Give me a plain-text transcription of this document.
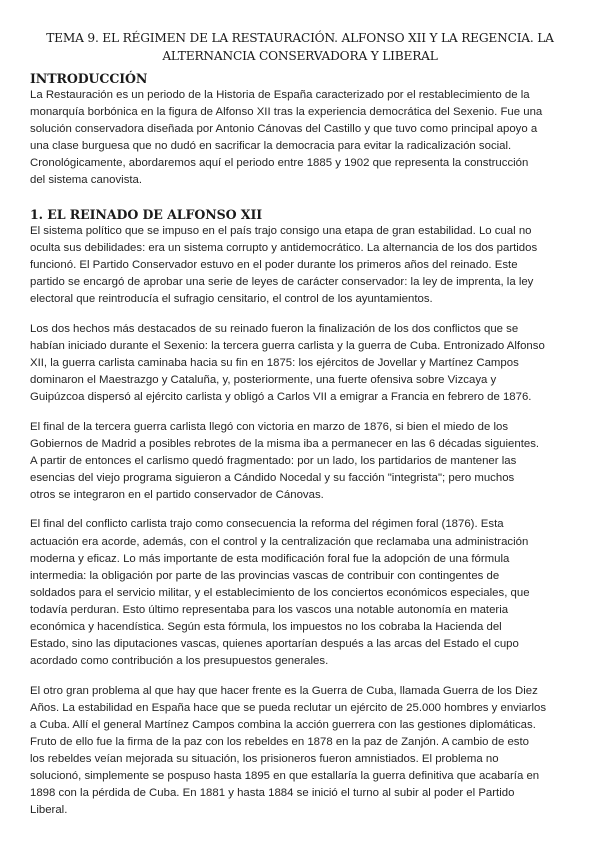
TEMA 9. EL RÉGIMEN DE LA RESTAURACIÓN. ALFONSO XII Y LA REGENCIA. LA
ALTERNANCIA CONSERVADORA Y LIBERAL
INTRODUCCIÓN

La Restauración es un periodo de la Historia de España caracterizado por el restablecimiento de la
monarquía borbónica en la figura de Alfonso XII tras la experiencia democrática del Sexenio. Fue una
solución conservadora diseñada por Antonio Cánovas del Castillo y que tuvo como principal apoyo a
una clase burguesa que no dudó en sacrificar la democracia para evitar la radicalización social.
Cronológicamente, abordaremos aquí el periodo entre 1885 y 1902 que representa la construcción
del sistema canovista.

1. EL REINADO DE ALFONSO XII

El sistema político que se impuso en el país trajo consigo una etapa de gran estabilidad. Lo cual no
oculta sus debilidades: era un sistema corrupto y antidemocrático. La alternancia de los dos partidos
funcionó. El Partido Conservador estuvo en el poder durante los primeros años del reinado. Este
partido se encargó de aprobar una serie de leyes de carácter conservador: la ley de imprenta, la ley
electoral que reintroducía el sufragio censitario, el control de los ayuntamientos.

Los dos hechos más destacados de su reinado fueron la finalización de los dos conflictos que se
habían iniciado durante el Sexenio: la tercera guerra carlista y la guerra de Cuba. Entronizado Alfonso
XII, la guerra carlista caminaba hacia su fin en 1875: los ejércitos de Jovellar y Martínez Campos
dominaron el Maestrazgo y Cataluña, y, posteriormente, una fuerte ofensiva sobre Vizcaya y
Guipúzcoa dispersó al ejército carlista y obligó a Carlos VII a emigrar a Francia en febrero de 1876.

El final de la tercera guerra carlista llegó con victoria en marzo de 1876, si bien el miedo de los
Gobiernos de Madrid a posibles rebrotes de la misma iba a permanecer en las 6 décadas siguientes.
A partir de entonces el carlismo quedó fragmentado: por un lado, los partidarios de mantener las
esencias del viejo programa siguieron a Cándido Nocedal y su facción "integrista"; pero muchos
otros se integraron en el partido conservador de Cánovas.

El final del conflicto carlista trajo como consecuencia la reforma del régimen foral (1876). Esta
actuación era acorde, además, con el control y la centralización que reclamaba una administración
moderna y eficaz. Lo más importante de esta modificación foral fue la adopción de una fórmula
intermedia: la obligación por parte de las provincias vascas de contribuir con contingentes de
soldados para el servicio militar, y el establecimiento de los conciertos económicos especiales, que
todavía perduran. Esto último representaba para los vascos una notable autonomía en materia
económica y hacendística. Según esta fórmula, los impuestos no los cobraba la Hacienda del
Estado, sino las diputaciones vascas, quienes aportarían después a las arcas del Estado el cupo
acordado como contribución a los presupuestos generales.

El otro gran problema al que hay que hacer frente es la Guerra de Cuba, llamada Guerra de los Diez
Años. La estabilidad en España hace que se pueda reclutar un ejército de 25.000 hombres y enviarlos
a Cuba. Allí el general Martínez Campos combina la acción guerrera con las gestiones diplomáticas.
Fruto de ello fue la firma de la paz con los rebeldes en 1878 en la paz de Zanjón. A cambio de esto
los rebeldes veían mejorada su situación, los prisioneros fueron amnistiados. El problema no
solucionó, simplemente se pospuso hasta 1895 en que estallaría la guerra definitiva que acabaría en
1898 con la pérdida de Cuba. En 1881 y hasta 1884 se inició el turno al subir al poder el Partido
Liberal.
